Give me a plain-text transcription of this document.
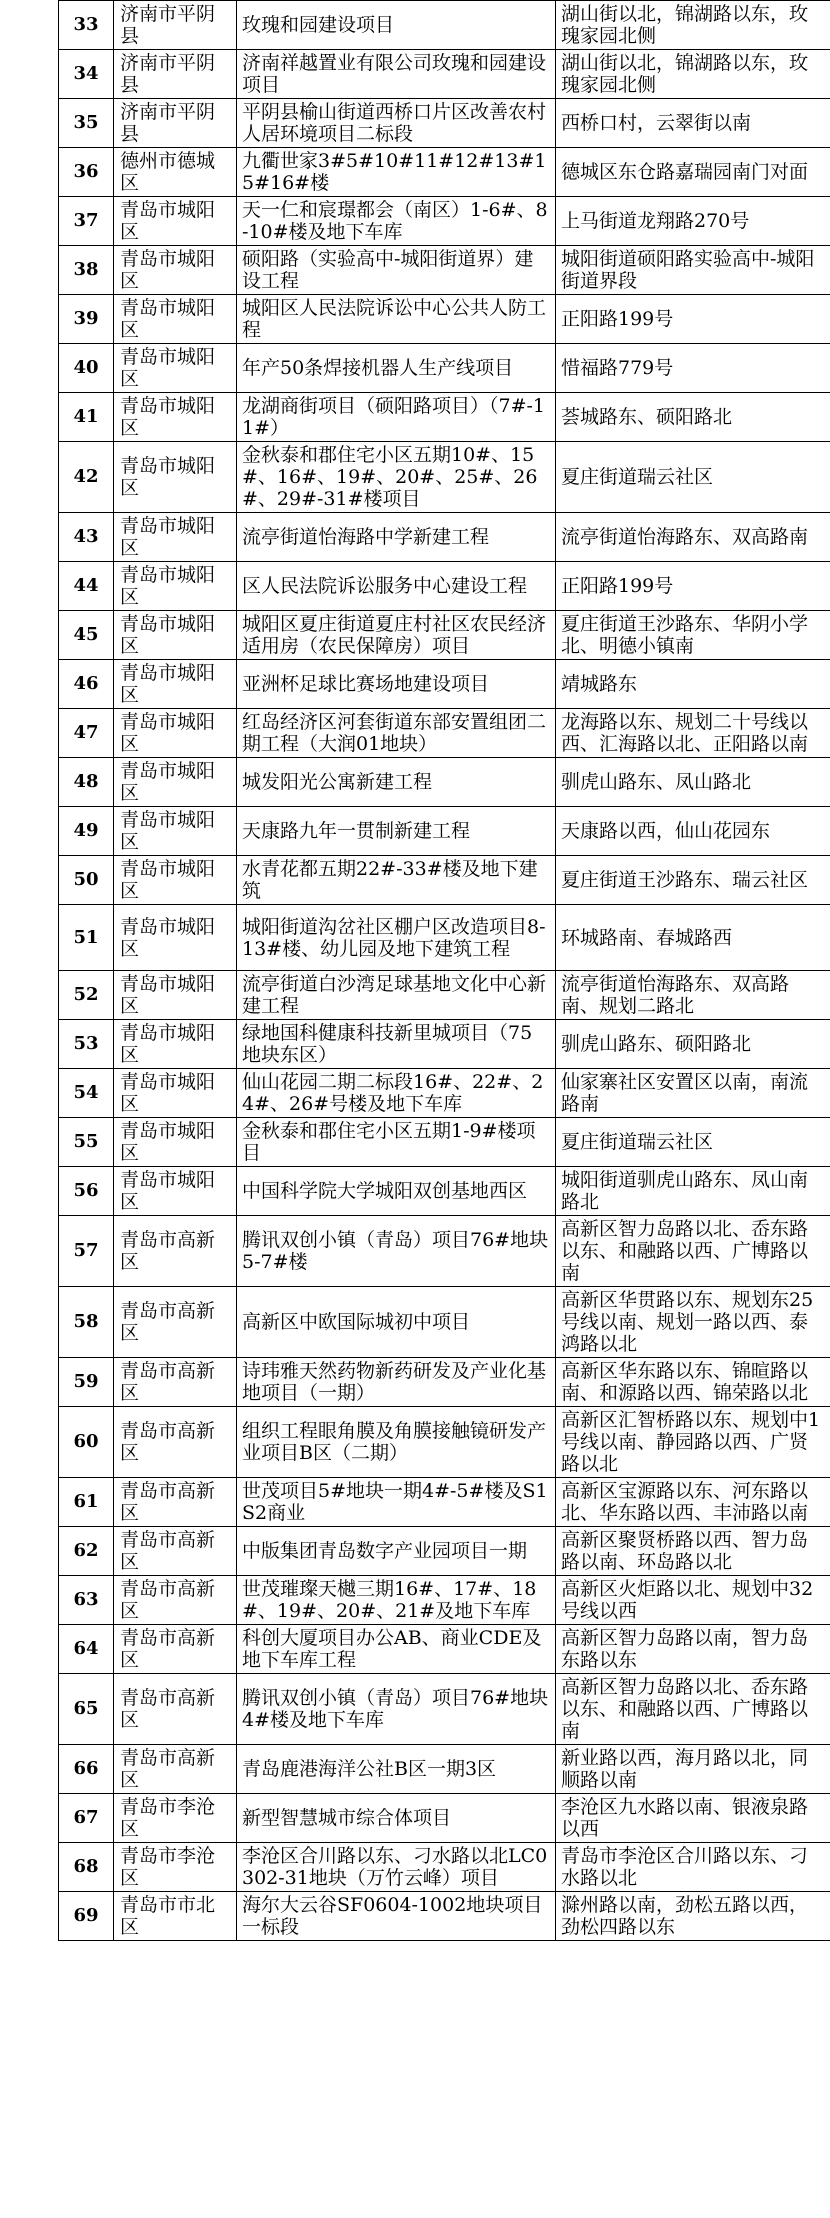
33	济南市平阴县	玫瑰和园建设项目	湖山街以北，锦湖路以东，玫瑰家园北侧
34	济南市平阴县	济南祥越置业有限公司玫瑰和园建设项目	湖山街以北，锦湖路以东，玫瑰家园北侧
35	济南市平阴县	平阴县榆山街道西桥口片区改善农村人居环境项目二标段	西桥口村，云翠街以南
36	德州市德城区	九衢世家3#5#10#11#12#13#15#16#楼	德城区东仓路嘉瑞园南门对面
37	青岛市城阳区	天一仁和宸璟都会（南区）1-6#、8-10#楼及地下车库	上马街道龙翔路270号
38	青岛市城阳区	硕阳路（实验高中-城阳街道界）建设工程	城阳街道硕阳路实验高中-城阳街道界段
39	青岛市城阳区	城阳区人民法院诉讼中心公共人防工程	正阳路199号
40	青岛市城阳区	年产50条焊接机器人生产线项目	惜福路779号
41	青岛市城阳区	龙湖商街项目（硕阳路项目）（7#-11#）	荟城路东、硕阳路北
42	青岛市城阳区	金秋泰和郡住宅小区五期10#、15#、16#、19#、20#、25#、26#、29#-31#楼项目	夏庄街道瑞云社区
43	青岛市城阳区	流亭街道怡海路中学新建工程	流亭街道怡海路东、双高路南
44	青岛市城阳区	区人民法院诉讼服务中心建设工程	正阳路199号
45	青岛市城阳区	城阳区夏庄街道夏庄村社区农民经济适用房（农民保障房）项目	夏庄街道王沙路东、华阴小学北、明德小镇南
46	青岛市城阳区	亚洲杯足球比赛场地建设项目	靖城路东
47	青岛市城阳区	红岛经济区河套街道东部安置组团二期工程（大润01地块）	龙海路以东、规划二十号线以西、汇海路以北、正阳路以南
48	青岛市城阳区	城发阳光公寓新建工程	驯虎山路东、凤山路北
49	青岛市城阳区	天康路九年一贯制新建工程	天康路以西，仙山花园东
50	青岛市城阳区	水青花都五期22#-33#楼及地下建筑	夏庄街道王沙路东、瑞云社区
51	青岛市城阳区	城阳街道沟岔社区棚户区改造项目8-13#楼、幼儿园及地下建筑工程	环城路南、春城路西
52	青岛市城阳区	流亭街道白沙湾足球基地文化中心新建工程	流亭街道怡海路东、双高路南、规划二路北
53	青岛市城阳区	绿地国科健康科技新里城项目（75地块东区）	驯虎山路东、硕阳路北
54	青岛市城阳区	仙山花园二期二标段16#、22#、24#、26#号楼及地下车库	仙家寨社区安置区以南，南流路南
55	青岛市城阳区	金秋泰和郡住宅小区五期1-9#楼项目	夏庄街道瑞云社区
56	青岛市城阳区	中国科学院大学城阳双创基地西区	城阳街道驯虎山路东、凤山南路北
57	青岛市高新区	腾讯双创小镇（青岛）项目76#地块5-7#楼	高新区智力岛路以北、岙东路以东、和融路以西、广博路以南
58	青岛市高新区	高新区中欧国际城初中项目	高新区华贯路以东、规划东25号线以南、规划一路以西、泰鸿路以北
59	青岛市高新区	诗玮雅天然药物新药研发及产业化基地项目（一期）	高新区华东路以东、锦暄路以南、和源路以西、锦荣路以北
60	青岛市高新区	组织工程眼角膜及角膜接触镜研发产业项目B区（二期）	高新区汇智桥路以东、规划中1号线以南、静园路以西、广贤路以北
61	青岛市高新区	世茂项目5#地块一期4#-5#楼及S1S2商业	高新区宝源路以东、河东路以北、华东路以西、丰沛路以南
62	青岛市高新区	中版集团青岛数字产业园项目一期	高新区聚贤桥路以西、智力岛路以南、环岛路以北
63	青岛市高新区	世茂璀璨天樾三期16#、17#、18#、19#、20#、21#及地下车库	高新区火炬路以北、规划中32号线以西
64	青岛市高新区	科创大厦项目办公AB、商业CDE及地下车库工程	高新区智力岛路以南，智力岛东路以东
65	青岛市高新区	腾讯双创小镇（青岛）项目76#地块4#楼及地下车库	高新区智力岛路以北、岙东路以东、和融路以西、广博路以南
66	青岛市高新区	青岛鹿港海洋公社B区一期3区	新业路以西，海月路以北，同顺路以南
67	青岛市李沧区	新型智慧城市综合体项目	李沧区九水路以南、银液泉路以西
68	青岛市李沧区	李沧区合川路以东、刁水路以北LC0302-31地块（万竹云峰）项目	青岛市李沧区合川路以东、刁水路以北
69	青岛市市北区	海尔大云谷SF0604-1002地块项目一标段	滁州路以南，劲松五路以西，劲松四路以东
